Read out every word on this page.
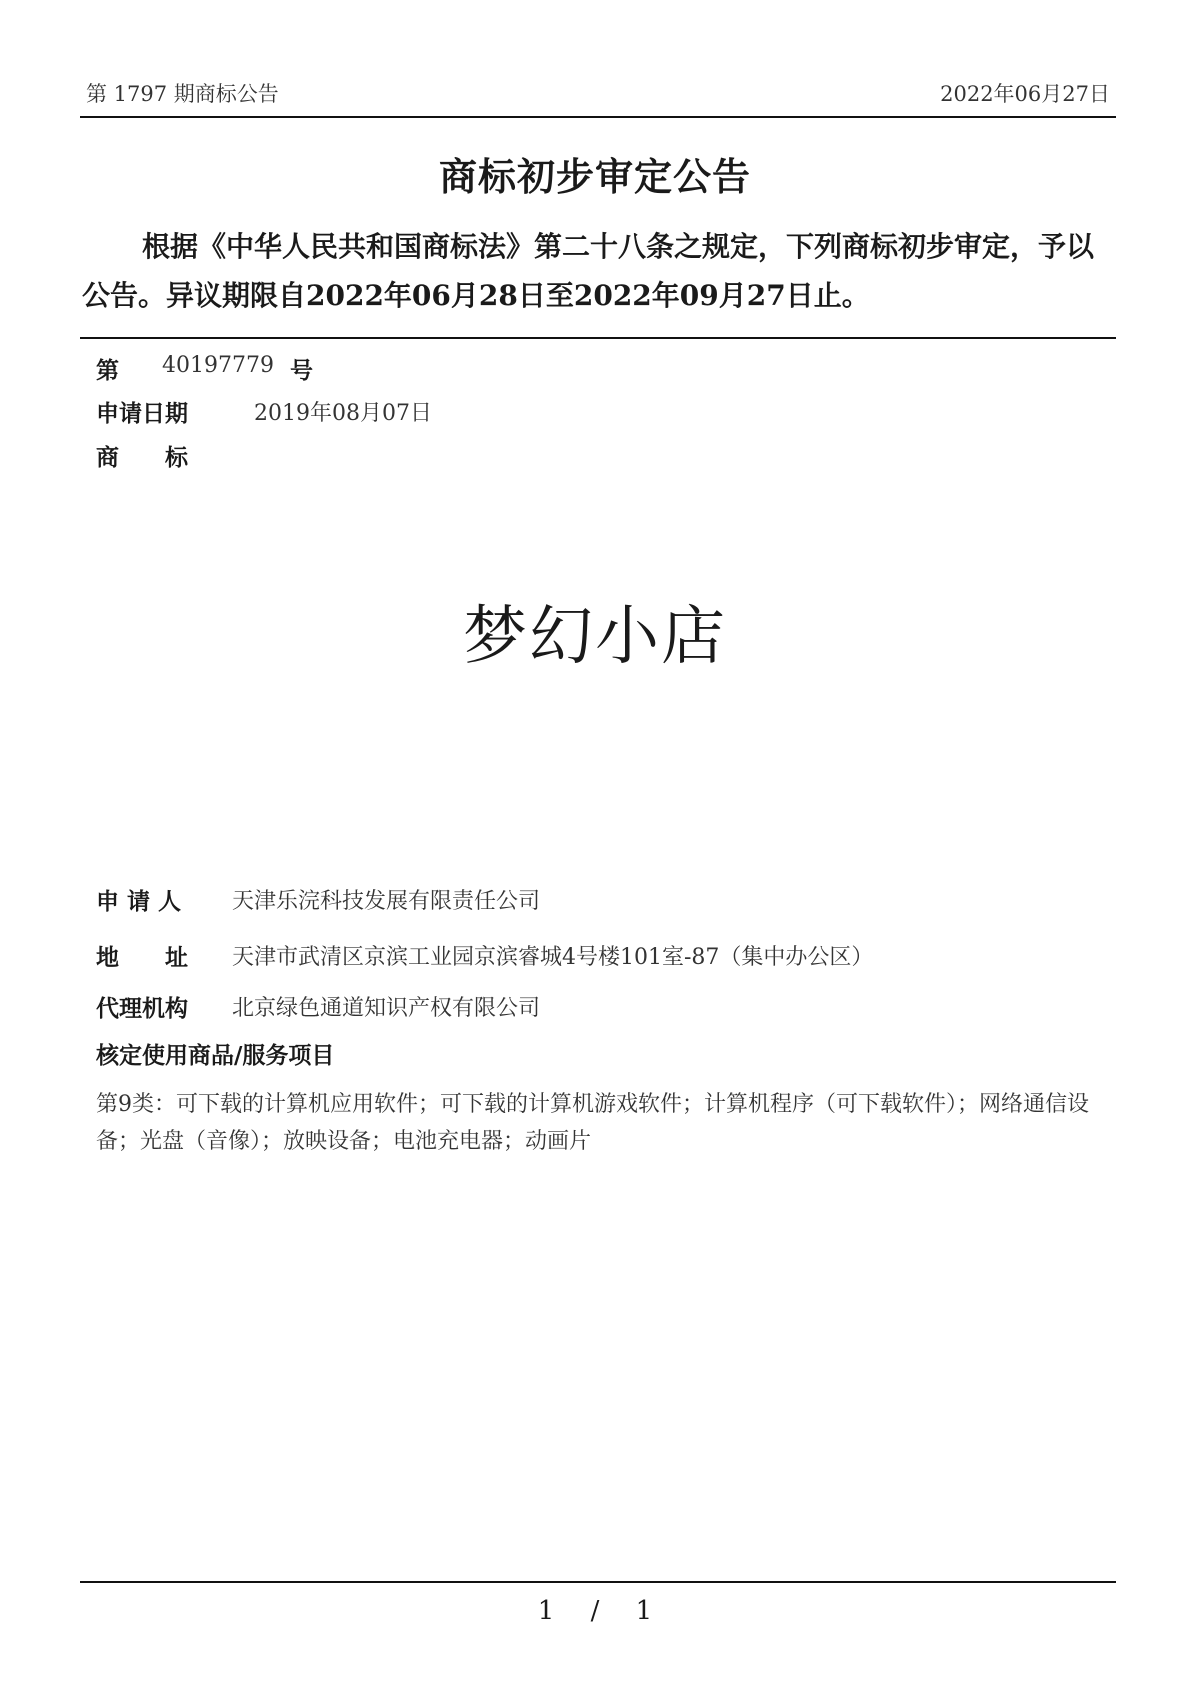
第 1797 期商标公告	2022年06月27日
商标初步审定公告
根据《中华人民共和国商标法》第二十八条之规定，下列商标初步审定，予以公告。异议期限自2022年06月28日至2022年09月27日止。
第 40197779 号
申请日期	2019年08月07日
商　　标
梦幻小店
申 请 人 天津乐浣科技发展有限责任公司
地　　址 天津市武清区京滨工业园京滨睿城4号楼101室-87（集中办公区）
代理机构 北京绿色通道知识产权有限公司
核定使用商品/服务项目
第9类：可下载的计算机应用软件；可下载的计算机游戏软件；计算机程序（可下载软件）；网络通信设备；光盘（音像）；放映设备；电池充电器；动画片
1 / 1
